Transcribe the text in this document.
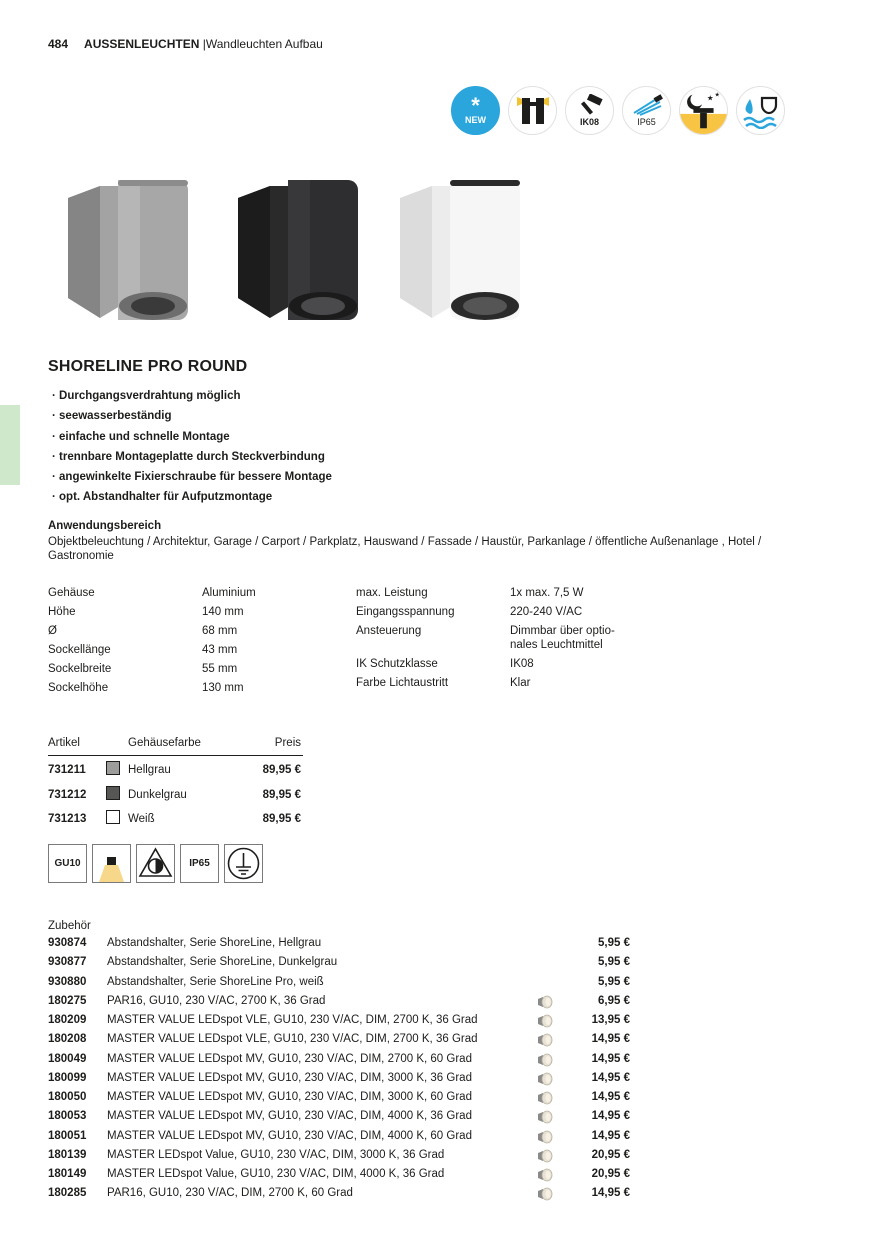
484 AUSSENLEUCHTEN |Wandleuchten Aufbau
*
NEW	IK08	IP65
★ ★
SHORELINE PRO ROUND
· Durchgangsverdrahtung möglich
· seewasserbeständig
· einfache und schnelle Montage
· trennbare Montageplatte durch Steckverbindung
· angewinkelte Fixierschraube für bessere Montage
· opt. Abstandhalter für Aufputzmontage
Anwendungsbereich
Objektbeleuchtung / Architektur, Garage / Carport / Parkplatz, Hauswand / Fassade / Haustür, Parkanlage / öffentliche Außenanlage , Hotel / Gastronomie
Gehäuse	Aluminium
Höhe	140 mm
Ø	68 mm
Sockellänge	43 mm
Sockelbreite	55 mm
Sockelhöhe	130 mm
max. Leistung	1x max. 7,5 W
Eingangsspannung	220-240 V/AC
Ansteuerung	Dimmbar über optio-
nales Leuchtmittel
IK Schutzklasse	IK08
Farbe Lichtaustritt	Klar
Artikel	Gehäusefarbe	Preis
731211	Hellgrau	89,95 €
731212	Dunkelgrau	89,95 €
731213	Weiß	89,95 €
GU10	IP65
Zubehör
930874 Abstandshalter, Serie ShoreLine, Hellgrau	5,95 €
930877 Abstandshalter, Serie ShoreLine, Dunkelgrau	5,95 €
930880 Abstandshalter, Serie ShoreLine Pro, weiß	5,95 €
180275 PAR16, GU10, 230 V/AC, 2700 K, 36 Grad	6,95 €
180209 MASTER VALUE LEDspot VLE, GU10, 230 V/AC, DIM, 2700 K, 36 Grad	13,95 €
180208 MASTER VALUE LEDspot VLE, GU10, 230 V/AC, DIM, 2700 K, 36 Grad	14,95 €
180049 MASTER VALUE LEDspot MV, GU10, 230 V/AC, DIM, 2700 K, 60 Grad	14,95 €
180099 MASTER VALUE LEDspot MV, GU10, 230 V/AC, DIM, 3000 K, 36 Grad	14,95 €
180050 MASTER VALUE LEDspot MV, GU10, 230 V/AC, DIM, 3000 K, 60 Grad	14,95 €
180053 MASTER VALUE LEDspot MV, GU10, 230 V/AC, DIM, 4000 K, 36 Grad	14,95 €
180051 MASTER VALUE LEDspot MV, GU10, 230 V/AC, DIM, 4000 K, 60 Grad	14,95 €
180139 MASTER LEDspot Value, GU10, 230 V/AC, DIM, 3000 K, 36 Grad	20,95 €
180149 MASTER LEDspot Value, GU10, 230 V/AC, DIM, 4000 K, 36 Grad	20,95 €
180285 PAR16, GU10, 230 V/AC, DIM, 2700 K, 60 Grad	14,95 €
